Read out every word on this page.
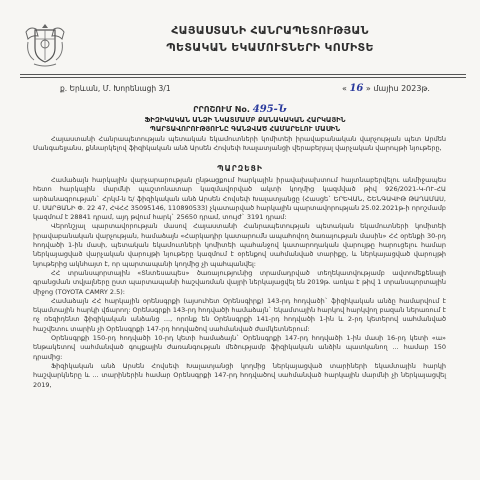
ՀԱՅԱՍՏԱՆԻ ՀԱՆՐԱՊԵՏՈՒԹՅԱՆ
ՊԵՏԱԿԱՆ ԵԿԱՄՈՒՏՆԵՐԻ ԿՈՄԻՏԵ
ք. Երևան, Մ. Խորենացի 3/1	« 16 » մայիս 2023թ.
ՐՐՈՇՈՒՄ No. 495-Ն
ՖԻԶԻԿԱԿԱՆ ԱՆՁԻ ՆԿԱՏՄԱՄԲ ՔԱՆԱԿԱԿԱՆ ՀԱՐԿԱՅԻՆ
ՊԱՐՏԱՎՈՐՈՒԹՅՈՒՆԸ ԳԱՆՁՎԱԾ ՀԱՄԱՐԵԼՈՒ ՄԱՍԻՆ

Հայաստանի Հանրապետության պետական եկամուտների կոմիտեի իրավաբանական վարչության պետ Արմեն Մանգաելյանս, քննարկելով ֆիզիկական անձ Արսեն Հովսեփ Խալատյանցի վերաբերյալ վարչական վարույթի նյութերը,

ՊԱՐԶԵՑԻ

Համաձայն հարկային վարչարարության ընթացքում հարկային իրավախախտում հայտնաբերվելու անմիջապես հետո հարկային մարմնի պաշտոնատար կազմավորված ակտի կողմից կազմված թիվ 926/2021-Կ-ՈՒ-ՀԱ արձանագրության` Հրկմ-ն ե/ ֆիզիկական անձ Արսեն Հովսեփ Խալատյանցը (Հասցե` ԵՐԵՎԱՆ, ՇԵՆԳԱՎԻԹ ԹԱՂԱՄԱՍ, Մ. ՍԱՐՅԱՆԻ Փ. 22 47, ՀՎՀՀ 35095146, 110890533) չկատարված հարկային պարտավորության 25.02.2021թ-ի որոշմամբ կազմում է 28841 դրամ, այդ թվում հարկ` 25650 դրամ, տույժ` 3191 դրամ:

Վերոնշյալ պարտավորության մասով Հայաստանի Հանրապետության պետական եկամուտների կոմիտեի իրավաբանական վարչության, համաձայն «Հարկադիր կատարումն ապահովող ծառայության մասին» ՀՀ օրենքի 30-րդ հոդվածի 1-ին մասի, պետական եկամուտների կոմիտեի պահանջով կատարողական վարույթը հարուցելու համար ներկայացված վարչական վարույթի նյութերը կազմում է օրենքով սահմանված տարիքը, և ներկայացված վարույթի նյութերից ակնհայտ է, որ պարտապանի կողմից չի պահպանվել:

ՀՀ տրանսպորտային «Տնտեսապես» ծառայությունից տրամադրված տեղեկատվությամբ ավտոմեքենայի գրանցման տվյալները ըստ պարտապանի հաշվառման վայրի ներկայացվել են 2019թ. առկա է թիվ 1 տրանսպորտային միջոց (TOYOTA CAMRY 2.5):

Համաձայն ՀՀ հարկային օրենսգրքի (այսուհետ Օրենսգիրք) 143-րդ հոդվածի` ֆիզիկական անձը համարվում է եկամտային հարկի վճարող: Օրենսգրքի 143-րդ հոդվածի համաձայն` եկամտային հարկով հարկվող բազան ներառում է ոչ ռեզիդենտ ֆիզիկական անձանց ..., որոնք են Օրենսգրքի 141-րդ հոդվածի 1-ին և 2-րդ կետերով սահմանված հաշվետու տարին չի Օրենսգրքի 147-րդ հոդվածով սահմանված ժամկետներում:

Օրենսգրքի 150-րդ հոդվածի 10-րդ կետի համաձայն` Օրենսգրքի 147-րդ հոդվածի 1-ին մասի 16-րդ կետի «ա» ենթակետով սահմանված գույքային ժառանգության մեծությամբ ֆիզիկական անձին պատկանող ... համար 150 դրամից:

Ֆիզիկական անձ Արսեն Հովսեփ Խալատյանցի կողմից ներկայացված տարիների եկամտային հարկի հաշվարկները և ... տարիներին համար Օրենսգրքի 147-րդ հոդվածով սահմանված հարկային մարմնի չի ներկայացվել 2019,
